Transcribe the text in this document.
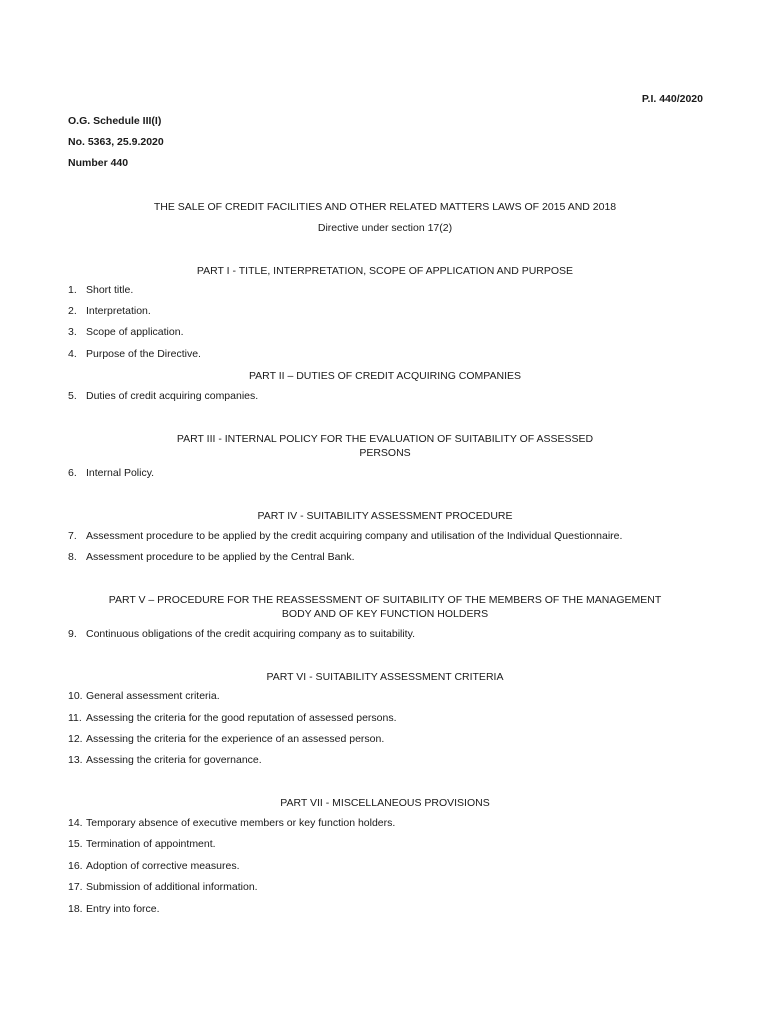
P.I. 440/2020
O.G. Schedule III(I)
No. 5363, 25.9.2020
Number 440
THE SALE OF CREDIT FACILITIES AND OTHER RELATED MATTERS LAWS OF 2015 AND 2018
Directive under section 17(2)
PART I - TITLE, INTERPRETATION, SCOPE OF APPLICATION AND PURPOSE
1. Short title.
2. Interpretation.
3. Scope of application.
4. Purpose of the Directive.
PART II – DUTIES OF CREDIT ACQUIRING COMPANIES
5. Duties of credit acquiring companies.
PART III - INTERNAL POLICY FOR THE EVALUATION OF SUITABILITY OF ASSESSED
PERSONS
6. Internal Policy.
PART IV - SUITABILITY ASSESSMENT PROCEDURE
7. Assessment procedure to be applied by the credit acquiring company and utilisation of the Individual Questionnaire.
8. Assessment procedure to be applied by the Central Bank.
PART V – PROCEDURE FOR THE REASSESSMENT OF SUITABILITY OF THE MEMBERS OF THE MANAGEMENT
BODY AND OF KEY FUNCTION HOLDERS
9. Continuous obligations of the credit acquiring company as to suitability.
PART VI - SUITABILITY ASSESSMENT CRITERIA
10. General assessment criteria.
11. Assessing the criteria for the good reputation of assessed persons.
12. Assessing the criteria for the experience of an assessed person.
13. Assessing the criteria for governance.
PART VII - MISCELLANEOUS PROVISIONS
14. Temporary absence of executive members or key function holders.
15. Termination of appointment.
16. Adoption of corrective measures.
17. Submission of additional information.
18. Entry into force.
